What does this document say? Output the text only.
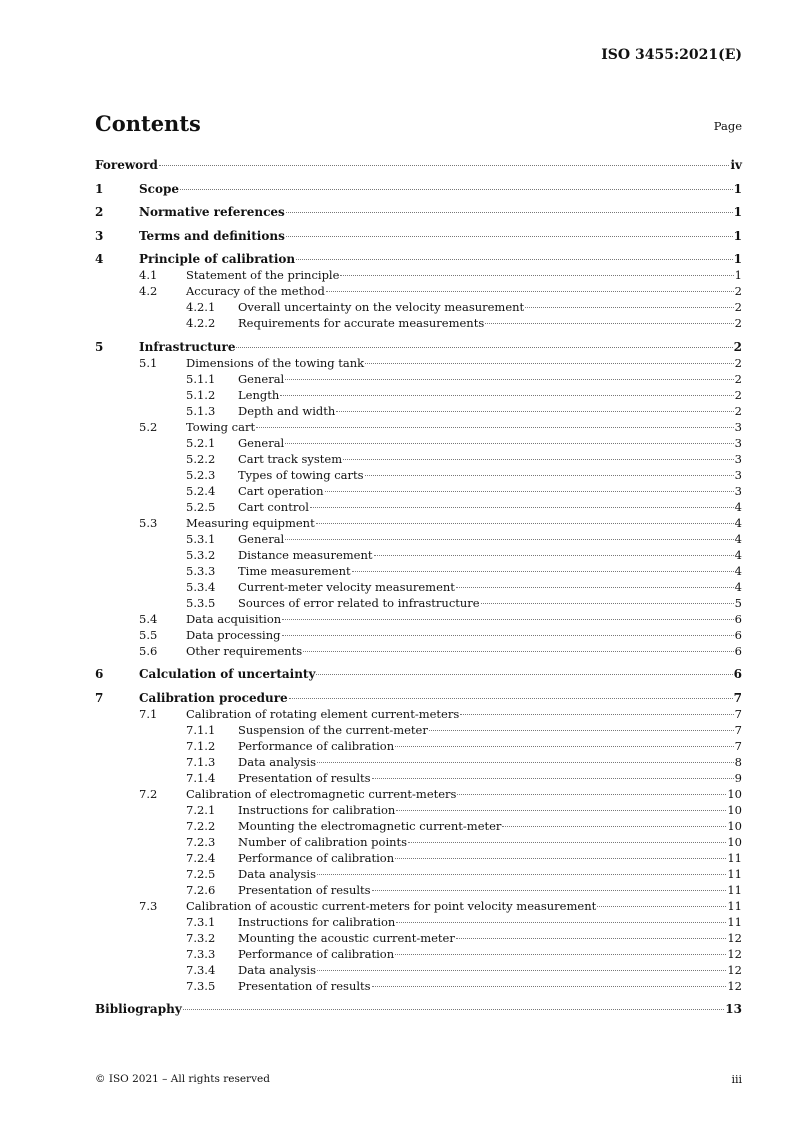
ISO 3455:2021(E)
Contents	Page
Foreword	iv
1	Scope	1
2	Normative references	1
3	Terms and definitions	1
4	Principle of calibration	1
4.1	Statement of the principle	1
4.2	Accuracy of the method	2
4.2.1	Overall uncertainty on the velocity measurement	2
4.2.2	Requirements for accurate measurements	2
5	Infrastructure	2
5.1	Dimensions of the towing tank	2
5.1.1	General	2
5.1.2	Length	2
5.1.3	Depth and width	2
5.2	Towing cart	3
5.2.1	General	3
5.2.2	Cart track system	3
5.2.3	Types of towing carts	3
5.2.4	Cart operation	3
5.2.5	Cart control	4
5.3	Measuring equipment	4
5.3.1	General	4
5.3.2	Distance measurement	4
5.3.3	Time measurement	4
5.3.4	Current-meter velocity measurement	4
5.3.5	Sources of error related to infrastructure	5
5.4	Data acquisition	6
5.5	Data processing	6
5.6	Other requirements	6
6	Calculation of uncertainty	6
7	Calibration procedure	7
7.1	Calibration of rotating element current-meters	7
7.1.1	Suspension of the current-meter	7
7.1.2	Performance of calibration	7
7.1.3	Data analysis	8
7.1.4	Presentation of results	9
7.2	Calibration of electromagnetic current-meters	10
7.2.1	Instructions for calibration	10
7.2.2	Mounting the electromagnetic current-meter	10
7.2.3	Number of calibration points	10
7.2.4	Performance of calibration	11
7.2.5	Data analysis	11
7.2.6	Presentation of results	11
7.3	Calibration of acoustic current-meters for point velocity measurement	11
7.3.1	Instructions for calibration	11
7.3.2	Mounting the acoustic current-meter	12
7.3.3	Performance of calibration	12
7.3.4	Data analysis	12
7.3.5	Presentation of results	12
Bibliography	13
© ISO 2021 – All rights reserved	iii
